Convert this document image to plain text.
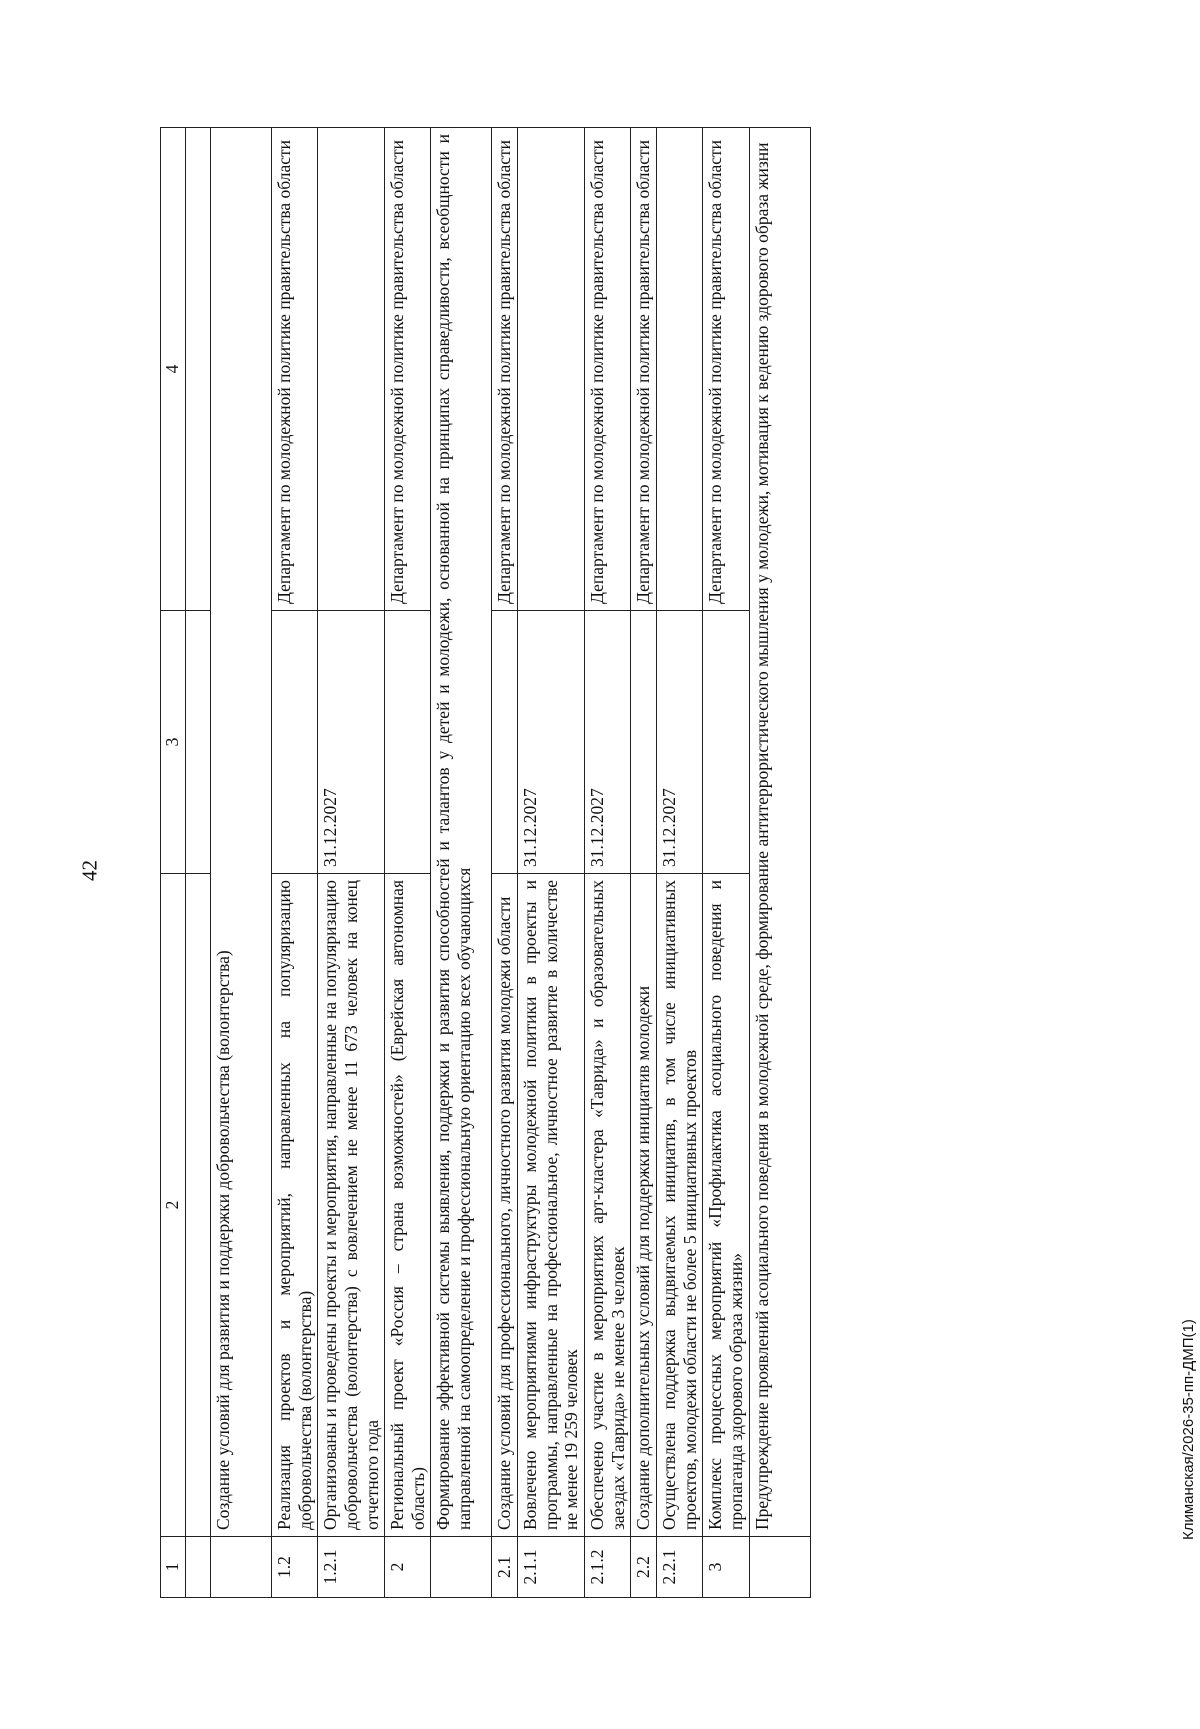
42
1	2	3	4

	Создание условий для развития и поддержки добровольчества (волонтерства)		
1.2	Реализация проектов и мероприятий, направленных на популяризацию добровольчества (волонтерства)		Департамент по молодежной политике правительства области
1.2.1	Организованы и проведены проекты и мероприятия, направленные на популяризацию добровольчества (волонтерства) с вовлечением не менее 11 673 человек на конец отчетного года	31.12.2027	
2	Региональный проект «Россия – страна возможностей» (Еврейская автономная область)		Департамент по молодежной политике правительства области
	Формирование эффективной системы выявления, поддержки и развития способностей и талантов у детей и молодежи, основанной на принципах справедливости, всеобщности и направленной на самоопределение и профессиональную ориентацию всех обучающихся		
2.1	Создание условий для профессионального, личностного развития молодежи области		Департамент по молодежной политике правительства области
2.1.1	Вовлечено мероприятиями инфраструктуры молодежной политики в проекты и программы, направленные на профессиональное, личностное развитие в количестве не менее 19 259 человек	31.12.2027	
2.1.2	Обеспечено участие в мероприятиях арт-кластера «Таврида» и образовательных заездах «Таврида» не менее 3 человек	31.12.2027	Департамент по молодежной политике правительства области
2.2	Создание дополнительных условий для поддержки инициатив молодежи		Департамент по молодежной политике правительства области
2.2.1	Осуществлена поддержка выдвигаемых инициатив, в том числе инициативных проектов, молодежи области не более 5 инициативных проектов	31.12.2027	
3	Комплекс процессных мероприятий «Профилактика асоциального поведения и пропаганда здорового образа жизни»		Департамент по молодежной политике правительства области
	Предупреждение проявлений асоциального поведения в молодежной среде, формирование антитеррористического мышления у молодежи, мотивация к ведению здорового образа жизни			Климанская/2026-35-пп-ДМП(1)
